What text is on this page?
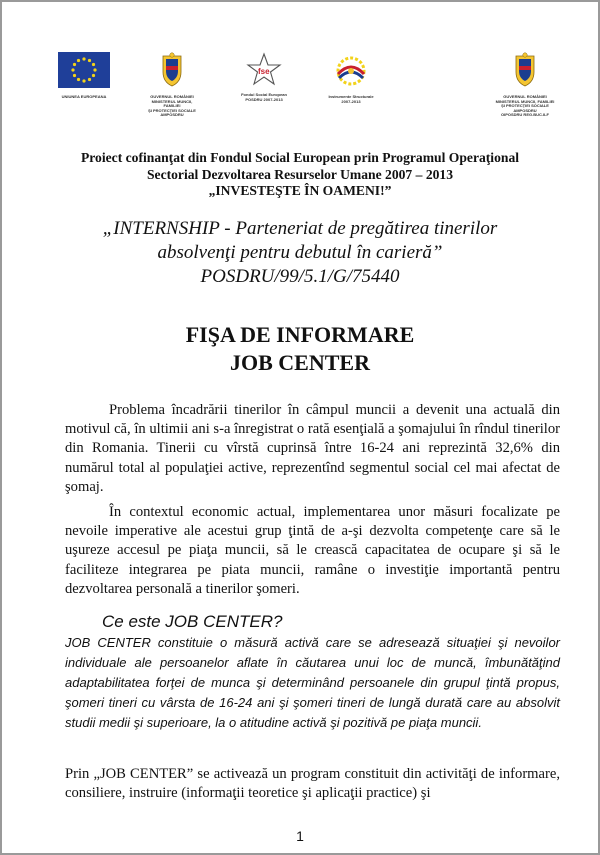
UNIUNEA EUROPEANA	GUVERNUL ROMÂNIEI
MINISTERUL MUNCII, FAMILIEI
ŞI PROTECŢIEI SOCIALE
AMPOSDRU
fse
Fondul Social European
POSDRU 2007-2013	Instrumente Structurale
2007-2013
GUVERNUL ROMÂNIEI
MINISTERUL MUNCII, FAMILIEI
ŞI PROTECŢIEI SOCIALE
AMPOSDRU
OIPOSDRU REG.BUC.ILF
Proiect cofinanţat din Fondul Social European prin Programul Operaţional
Sectorial Dezvoltarea Resurselor Umane 2007 – 2013
„INVESTEŞTE ÎN OAMENI!”
„INTERNSHIP - Parteneriat de pregătirea tinerilor
absolvenţi pentru debutul în carieră”
POSDRU/99/5.1/G/75440
FIŞA DE INFORMARE
JOB CENTER
Problema încadrării tinerilor în câmpul muncii a devenit una actuală din motivul că, în ultimii ani s-a înregistrat o rată esenţială a şomajului în rîndul tinerilor din Romania. Tinerii cu vîrstă cuprinsă între 16-24 ani reprezintă 32,6% din numărul total al populaţiei active, reprezentînd segmentul social cel mai afectat de şomaj.
În contextul economic actual, implementarea unor măsuri focalizate pe nevoile imperative ale acestui grup ţintă de a-şi dezvolta competenţe care să le uşureze accesul pe piaţa muncii, să le crească capacitatea de ocupare şi să le faciliteze integrarea pe piata muncii, ramâne o investiţie importantă pentru dezvoltarea personală a tinerilor şomeri.
Ce este JOB CENTER?
JOB CENTER constituie o măsură activă care se adresează situaţiei şi nevoilor individuale ale persoanelor aflate în căutarea unui loc de muncă, îmbunătăţind adaptabilitatea forţei de munca şi determinând persoanele din grupul ţintă propus, şomeri tineri cu vârsta de 16-24 ani şi şomeri tineri de lungă durată care au absolvit studii medii şi superioare, la o atitudine activă şi pozitivă pe piaţa muncii.
Prin „JOB CENTER” se activează un program constituit din activităţi de informare, consiliere, instruire (informaţii teoretice şi aplicaţii practice) şi
1
